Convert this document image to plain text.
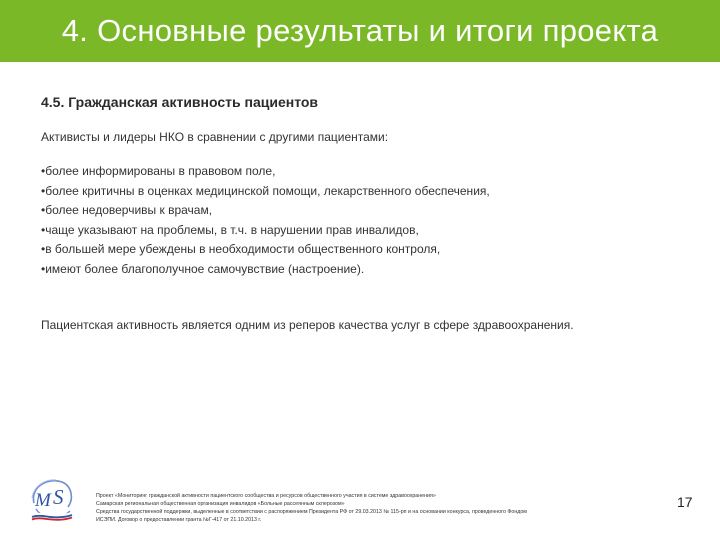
4. Основные результаты и итоги проекта
4.5. Гражданская активность пациентов
Активисты и лидеры НКО в сравнении с другими пациентами:
•более информированы в правовом поле,
•более критичны в оценках медицинской помощи, лекарственного обеспечения,
•более недоверчивы к врачам,
•чаще указывают на проблемы, в т.ч. в нарушении прав инвалидов,
•в большей мере убеждены в необходимости общественного контроля,
•имеют более благополучное самочувствие (настроение).
Пациентская активность является одним из реперов качества услуг в сфере здравоохранения.
M S	Проект «Мониторинг гражданской активности пациентского сообщества и ресурсов общественного участия в системе здравоохранения»
Самарская региональная общественная организация инвалидов «Больные рассеянным склерозом»
Средства государственной поддержки, выделенные в соответствии с распоряжением Президента РФ от 29.03.2013 № 115-рп и на основании конкурса, проведенного Фондом
ИСЭПИ. Договор о предоставлении гранта №Г-417 от 21.10.2013 г.
17
